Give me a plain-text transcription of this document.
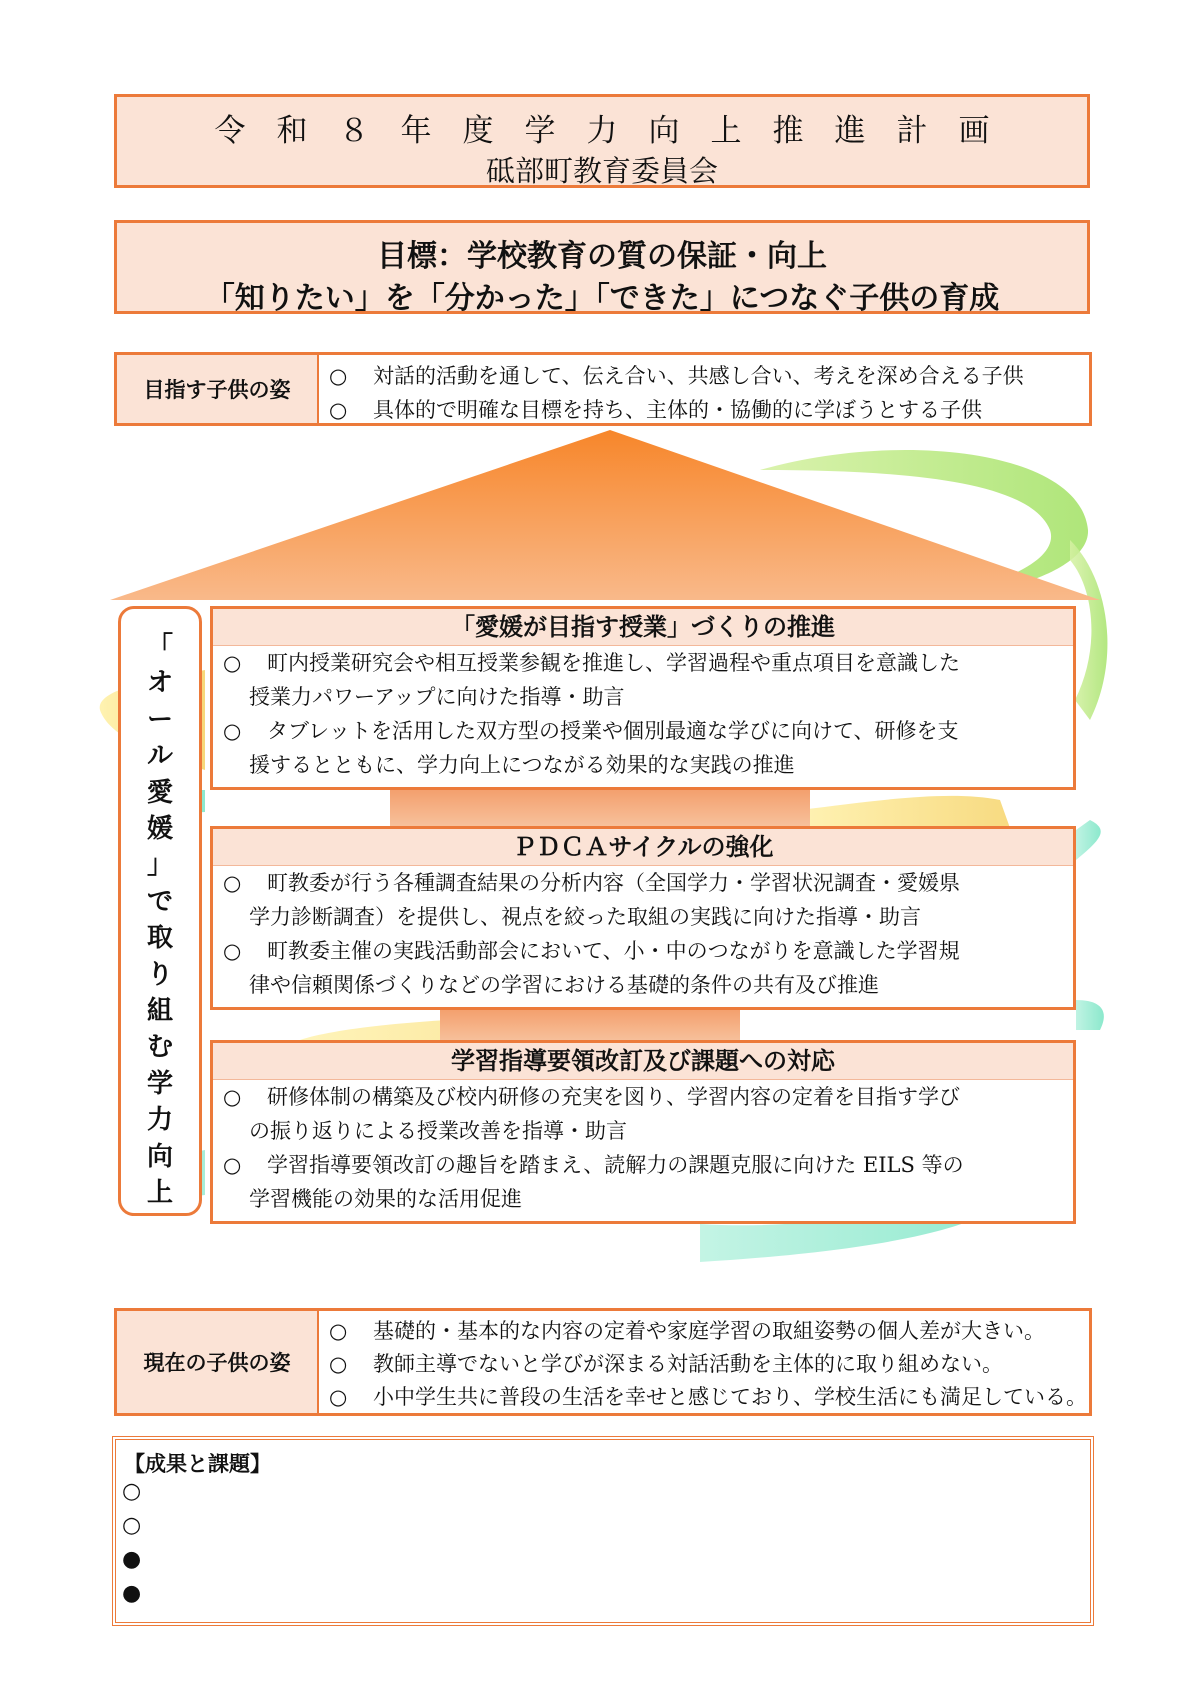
令　和　８　年　度　学　力　向　上　推　進　計　画
砥部町教育委員会
目標：学校教育の質の保証・向上
「知りたい」を「分かった」「できた」につなぐ子供の育成
目指す子供の姿
○ 対話的活動を通して、伝え合い、共感し合い、考えを深め合える子供
○ 具体的で明確な目標を持ち、主体的・協働的に学ぼうとする子供
「
オ
ー
ル
愛
媛
」
で
取
り
組
む
学
力
向
上
「愛媛が目指す授業」づくりの推進
○ 町内授業研究会や相互授業参観を推進し、学習過程や重点項目を意識した
授業力パワーアップに向けた指導・助言
○ タブレットを活用した双方型の授業や個別最適な学びに向けて、研修を支
援するとともに、学力向上につながる効果的な実践の推進
ＰＤＣＡサイクルの強化
○ 町教委が行う各種調査結果の分析内容（全国学力・学習状況調査・愛媛県
学力診断調査）を提供し、視点を絞った取組の実践に向けた指導・助言
○ 町教委主催の実践活動部会において、小・中のつながりを意識した学習規
律や信頼関係づくりなどの学習における基礎的条件の共有及び推進
学習指導要領改訂及び課題への対応
○ 研修体制の構築及び校内研修の充実を図り、学習内容の定着を目指す学び
の振り返りによる授業改善を指導・助言
○ 学習指導要領改訂の趣旨を踏まえ、読解力の課題克服に向けた EILS 等の
学習機能の効果的な活用促進
現在の子供の姿
○ 基礎的・基本的な内容の定着や家庭学習の取組姿勢の個人差が大きい。
○ 教師主導でないと学びが深まる対話活動を主体的に取り組めない。
○ 小中学生共に普段の生活を幸せと感じており、学校生活にも満足している。
【成果と課題】
○
○
●
●
